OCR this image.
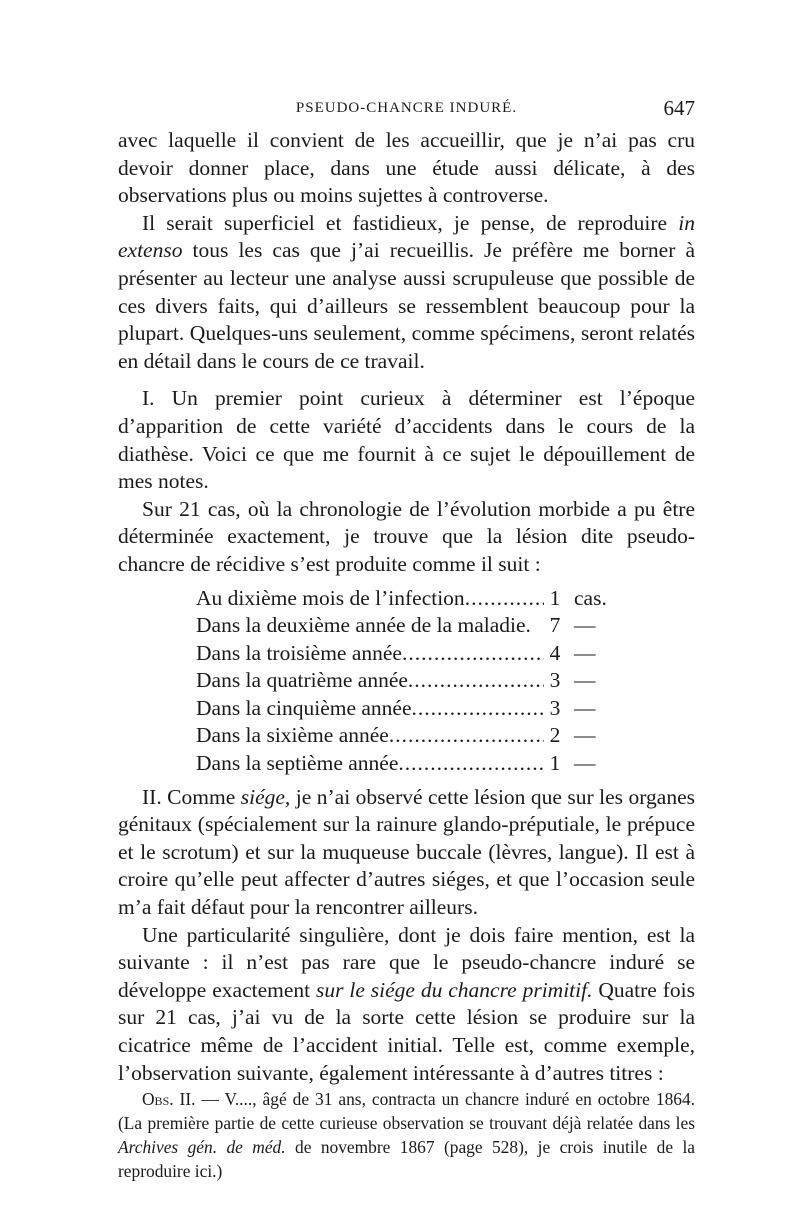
PSEUDO-CHANCRE INDURÉ.	647

avec laquelle il convient de les accueillir, que je n’ai pas cru devoir donner place, dans une étude aussi délicate, à des observations plus ou moins sujettes à controverse.

Il serait superficiel et fastidieux, je pense, de reproduire in extenso tous les cas que j’ai recueillis. Je préfère me borner à présenter au lecteur une analyse aussi scrupuleuse que possible de ces divers faits, qui d’ailleurs se ressemblent beaucoup pour la plupart. Quelques-uns seulement, comme spécimens, seront relatés en détail dans le cours de ce travail.

I. Un premier point curieux à déterminer est l’époque d’apparition de cette variété d’accidents dans le cours de la diathèse. Voici ce que me fournit à ce sujet le dépouillement de mes notes.

Sur 21 cas, où la chronologie de l’évolution morbide a pu être déterminée exactement, je trouve que la lésion dite pseudo-chancre de récidive s’est produite comme il suit :

Au dixième mois de l’infection .....	1 cas.
Dans la deuxième année de la maladie. 7 —
Dans la troisième année .....	4 —
Dans la quatrième année .....	3 —
Dans la cinquième année .....	3 —
Dans la sixième année .....	2 —
Dans la septième année .....	1 —

II. Comme siége, je n’ai observé cette lésion que sur les organes génitaux (spécialement sur la rainure glando-préputiale, le prépuce et le scrotum) et sur la muqueuse buccale (lèvres, langue). Il est à croire qu’elle peut affecter d’autres siéges, et que l’occasion seule m’a fait défaut pour la rencontrer ailleurs.

Une particularité singulière, dont je dois faire mention, est la suivante : il n’est pas rare que le pseudo-chancre induré se développe exactement sur le siége du chancre primitif. Quatre fois sur 21 cas, j’ai vu de la sorte cette lésion se produire sur la cicatrice même de l’accident initial. Telle est, comme exemple, l’observation suivante, également intéressante à d’autres titres :

Obs. II. — V...., âgé de 31 ans, contracta un chancre induré en octobre 1864. (La première partie de cette curieuse observation se trouvant déjà relatée dans les Archives gén. de méd. de novembre 1867 (page 528), je crois inutile de la reproduire ici.)
